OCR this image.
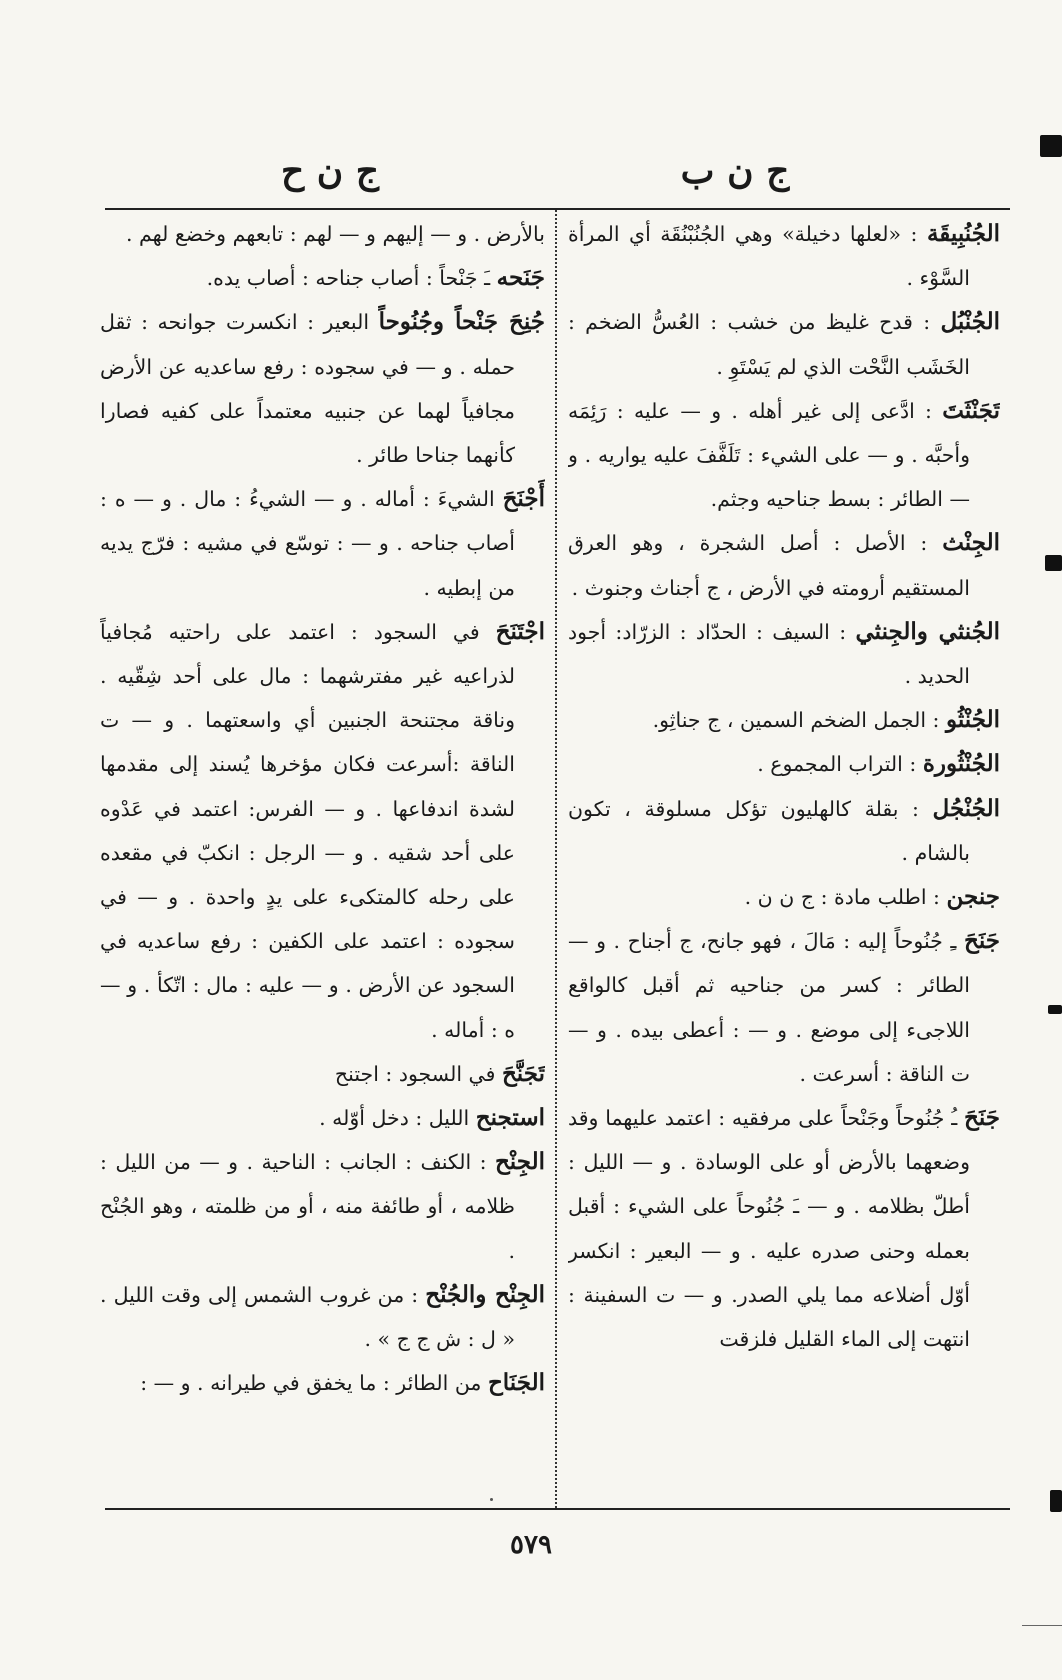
ج ن ب
ج ن ح

الجُنُبِيقَة : «لعلها دخيلة» وهي الجُنُبْنُقَة أي المرأة السَّوْء .

الجُنْبُل : قدح غليظ من خشب : العُسُّ الضخم : الخَشَب النَّحْت الذي لم يَسْتَوِ .

تَجَنْثَتَ : ادَّعى إلى غير أهله . و — عليه : رَئِمَه وأحبَّه . و — على الشيء : تَلَفَّفَ عليه يواريه . و — الطائر : بسط جناحيه وجثم.

الجِنْث : الأصل : أصل الشجرة ، وهو العرق المستقيم أرومته في الأرض ، ج أجناث وجنوث .

الجُنثي والجِنثي : السيف : الحدّاد : الزرّاد: أجود الحديد .

الجُنْثُو : الجمل الضخم السمين ، ج جناثِو.

الجُنْثُورة : التراب المجموع .

الجُنْجُل : بقلة كالهليون تؤكل مسلوقة ، تكون بالشام .

جنجن : اطلب مادة : ج ن ن .

جَنَحَ ـِ جُنُوحاً إليه : مَالَ ، فهو جانح، ج أجناح . و — الطائر : كسر من جناحيه ثم أقبل كالواقع اللاجىء إلى موضع . و — : أعطى بيده . و — ت الناقة : أسرعت .

جَنَحَ ـُ جُنُوحاً وجَنْحاً على مرفقيه : اعتمد عليهما وقد وضعهما بالأرض أو على الوسادة . و — الليل : أطلّ بظلامه . و — ـَ جُنُوحاً على الشيء : أقبل بعمله وحنى صدره عليه . و — البعير : انكسر أوّل أضلاعه مما يلي الصدر. و — ت السفينة : انتهت إلى الماء القليل فلزقت

بالأرض . و — إليهم و — لهم : تابعهم وخضع لهم .

جَنَحه ـَ جَنْحاً : أصاب جناحه : أصاب يده.

جُنِحَ جَنْحاً وجُنُوحاً البعير : انكسرت جوانحه : ثقل حمله . و — في سجوده : رفع ساعديه عن الأرض مجافياً لهما عن جنبيه معتمداً على كفيه فصارا كأنهما جناحا طائر .

أَجْنَحَ الشيءَ : أماله . و — الشيءُ : مال . و — ه : أصاب جناحه . و — : توسّع في مشيه : فرّج يديه من إبطيه .

اجْتَنَحَ في السجود : اعتمد على راحتيه مُجافياً لذراعيه غير مفترشهما : مال على أحد شِقّيه . وناقة مجتنحة الجنبين أي واسعتهما . و — ت الناقة :أسرعت فكان مؤخرها يُسند إلى مقدمها لشدة اندفاعها . و — الفرس: اعتمد في عَدْوه على أحد شقيه . و — الرجل : انكبّ في مقعده على رحله كالمتكىء على يدٍ واحدة . و — في سجوده : اعتمد على الكفين : رفع ساعديه في السجود عن الأرض . و — عليه : مال : اتّكأ . و — ه : أماله .

تَجَنَّحَ في السجود : اجتنح

استجنح الليل : دخل أوّله .

الجِنْح : الكنف : الجانب : الناحية . و — من الليل : ظلامه ، أو طائفة منه ، أو من ظلمته ، وهو الجُنْح .

الجِنْح والجُنْح : من غروب الشمس إلى وقت الليل . « ل : ش ج ج » .

الجَنَاح من الطائر : ما يخفق في طيرانه . و — :

٥٧٩
